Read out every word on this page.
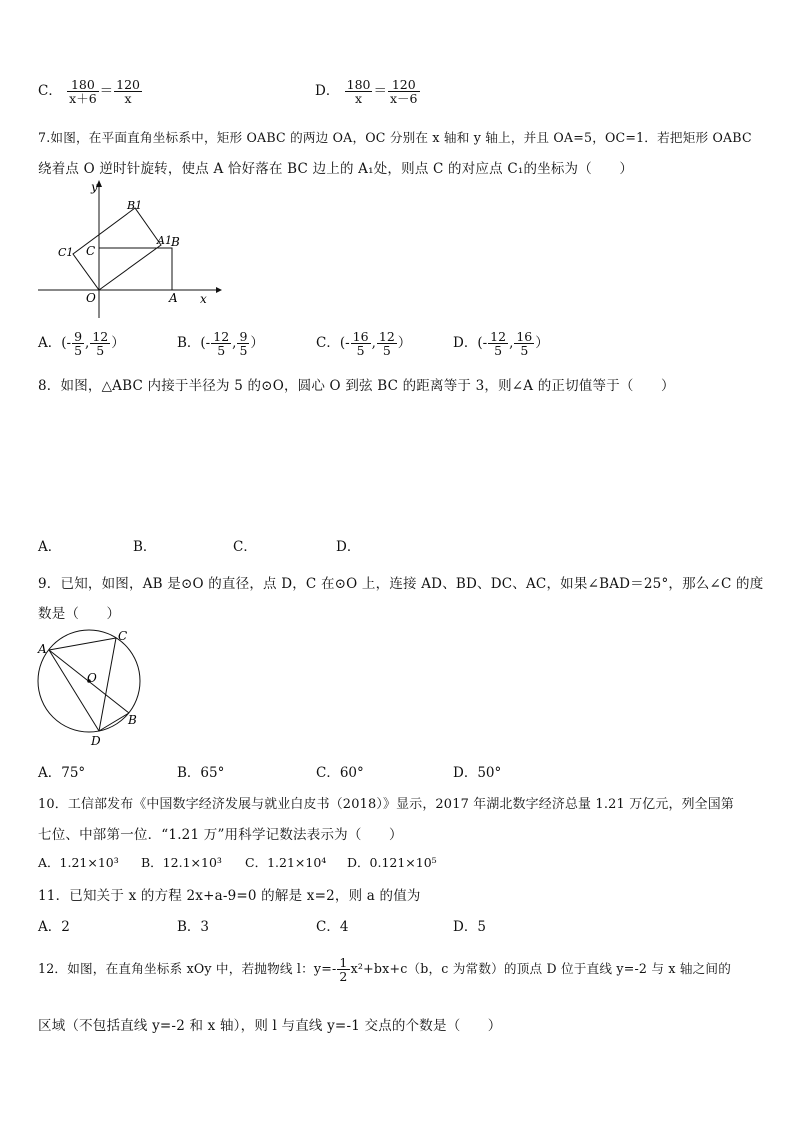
C． $\frac{180}{x+6} = \frac{120}{x}$	D． $\frac{180}{x} = \frac{120}{x-6}$
7.如图，在平面直角坐标系中，矩形 OABC 的两边 OA，OC 分别在 x 轴和 y 轴上，并且 OA=5，OC=1．若把矩形 OABC
绕着点 O 逆时针旋转，使点 A 恰好落在 BC 边上的 A₁处，则点 C 的对应点 C₁的坐标为（　　）
y
x
O	A
B
C
A1
B1
C1
A．(- $\frac{9}{5}$ , $\frac{12}{5}$ ）	B．(- $\frac{12}{5}$ , $\frac{9}{5}$ ）	C．(- $\frac{16}{5}$ , $\frac{12}{5}$ ）	D．(- $\frac{12}{5}$ , $\frac{16}{5}$ ）
8．如图，△ABC 内接于半径为 5 的⊙O，圆心 O 到弦 BC 的距离等于 3，则∠A 的正切值等于（　　）
A．	B．	C．	D．
9．已知，如图，AB 是⊙O 的直径，点 D，C 在⊙O 上，连接 AD、BD、DC、AC，如果∠BAD＝25°，那么∠C 的度
数是（　　）
A
C
O
B
D
A．75°	B．65°	C．60°	D．50°
10．工信部发布《中国数字经济发展与就业白皮书（2018）》显示，2017 年湖北数字经济总量 1.21 万亿元，列全国第
七位、中部第一位．“1.21 万”用科学记数法表示为（　　）
A．1.21×10³ B．12.1×10³ C．1.21×10⁴ D．0.121×10⁵
11．已知关于 x 的方程 2x+a-9=0 的解是 x=2，则 a 的值为
A．2	B．3	C．4	D．5
12．如图，在直角坐标系 xOy 中，若抛物线 l：$y=- \frac{1}{2} x^2+bx+c(b$，c 为常数）的顶点 D 位于直线 y=-2 与 x 轴之间的
区域（不包括直线 y=-2 和 x 轴），则 l 与直线 y=-1 交点的个数是（　　）
